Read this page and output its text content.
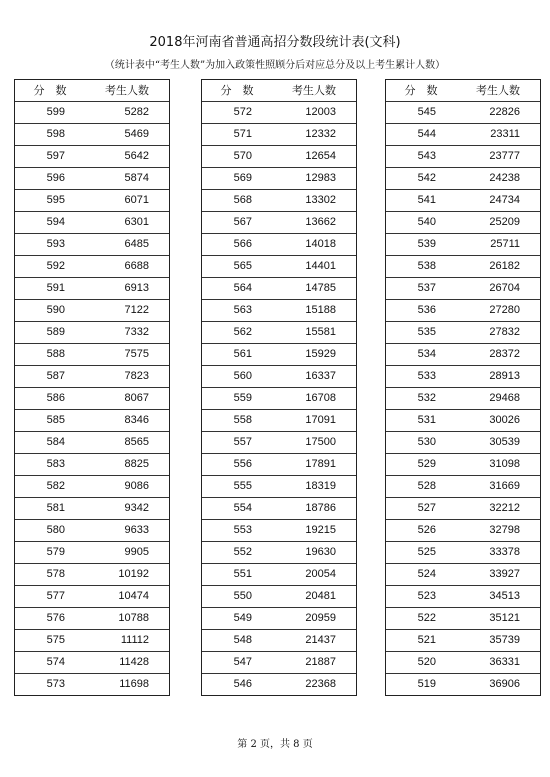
2018年河南省普通高招分数段统计表(文科)
（统计表中“考生人数”为加入政策性照顾分后对应总分及以上考生累计人数）
分　数	考生人数
599	5282
598	5469
597	5642
596	5874
595	6071
594	6301
593	6485
592	6688
591	6913
590	7122
589	7332
588	7575
587	7823
586	8067
585	8346
584	8565
583	8825
582	9086
581	9342
580	9633
579	9905
578	10192
577	10474
576	10788
575	11112
574	11428
573	11698
分　数	考生人数
572	12003
571	12332
570	12654
569	12983
568	13302
567	13662
566	14018
565	14401
564	14785
563	15188
562	15581
561	15929
560	16337
559	16708
558	17091
557	17500
556	17891
555	18319
554	18786
553	19215
552	19630
551	20054
550	20481
549	20959
548	21437
547	21887
546	22368
分　数	考生人数
545	22826
544	23311
543	23777
542	24238
541	24734
540	25209
539	25711
538	26182
537	26704
536	27280
535	27832
534	28372
533	28913
532	29468
531	30026
530	30539
529	31098
528	31669
527	32212
526	32798
525	33378
524	33927
523	34513
522	35121
521	35739
520	36331
519	36906
第 2 页，共 8 页
